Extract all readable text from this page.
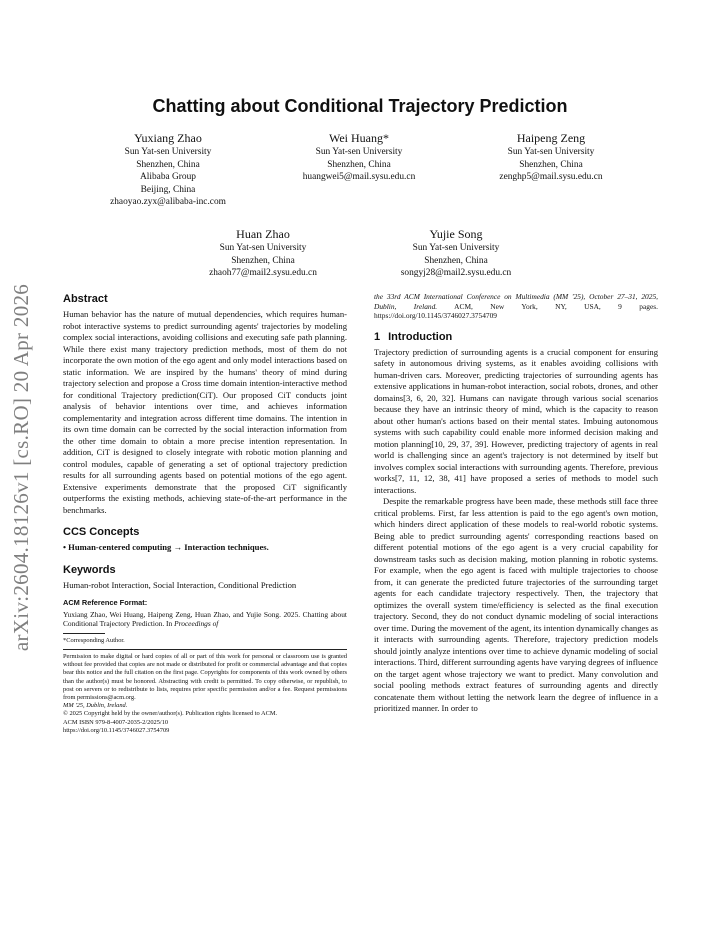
arXiv:2604.18126v1 [cs.RO] 20 Apr 2026
Chatting about Conditional Trajectory Prediction
Yuxiang Zhao
Sun Yat-sen University
Shenzhen, China
Alibaba Group
Beijing, China
zhaoyao.zyx@alibaba-inc.com
Wei Huang*
Sun Yat-sen University
Shenzhen, China
huangwei5@mail.sysu.edu.cn
Haipeng Zeng
Sun Yat-sen University
Shenzhen, China
zenghp5@mail.sysu.edu.cn
Huan Zhao
Sun Yat-sen University
Shenzhen, China
zhaoh77@mail2.sysu.edu.cn
Yujie Song
Sun Yat-sen University
Shenzhen, China
songyj28@mail2.sysu.edu.cn
Abstract

Human behavior has the nature of mutual dependencies, which requires human-robot interactive systems to predict surrounding agents' trajectories by modeling complex social interactions, avoiding collisions and executing safe path planning. While there exist many trajectory prediction methods, most of them do not incorporate the own motion of the ego agent and only model interactions based on static information. We are inspired by the humans' theory of mind during trajectory selection and propose a Cross time domain intention-interactive method for conditional Trajectory prediction(CiT). Our proposed CiT conducts joint analysis of behavior intentions over time, and achieves information complementarity and integration across different time domains. The intention in its own time domain can be corrected by the social interaction information from the other time domain to obtain a more precise intention representation. In addition, CiT is designed to closely integrate with robotic motion planning and control modules, capable of generating a set of optional trajectory prediction results for all surrounding agents based on potential motions of the ego agent. Extensive experiments demonstrate that the proposed CiT significantly outperforms the existing methods, achieving state-of-the-art performance in the benchmarks.

CCS Concepts

• Human-centered computing → Interaction techniques.

Keywords

Human-robot Interaction, Social Interaction, Conditional Prediction

ACM Reference Format:

Yuxiang Zhao, Wei Huang, Haipeng Zeng, Huan Zhao, and Yujie Song. 2025. Chatting about Conditional Trajectory Prediction. In Proceedings of

*Corresponding Author.

Permission to make digital or hard copies of all or part of this work for personal or classroom use is granted without fee provided that copies are not made or distributed for profit or commercial advantage and that copies bear this notice and the full citation on the first page. Copyrights for components of this work owned by others than the author(s) must be honored. Abstracting with credit is permitted. To copy otherwise, or republish, to post on servers or to redistribute to lists, requires prior specific permission and/or a fee. Request permissions from permissions@acm.org.

MM '25, Dublin, Ireland.

© 2025 Copyright held by the owner/author(s). Publication rights licensed to ACM.

ACM ISBN 979-8-4007-2035-2/2025/10

https://doi.org/10.1145/3746027.3754709

the 33rd ACM International Conference on Multimedia (MM '25), October 27–31, 2025, Dublin, Ireland. ACM, New York, NY, USA, 9 pages. https://doi.org/10.1145/3746027.3754709

1 Introduction

Trajectory prediction of surrounding agents is a crucial component for ensuring safety in autonomous driving systems, as it enables avoiding collisions with human-driven cars. Moreover, predicting trajectories of surrounding agents has extensive applications in human-robot interaction, social robots, drones, and other domains[3, 6, 20, 32]. Humans can navigate through various social scenarios because they have an intrinsic theory of mind, which is the capacity to reason about other human's actions based on their mental states. Imbuing autonomous systems with such capability could enable more informed decision making and motion planning[10, 29, 37, 39]. However, predicting trajectory of agents in real world is challenging since an agent's trajectory is not determined by itself but involves complex social interactions with surrounding agents. Therefore, previous works[7, 11, 12, 38, 41] have proposed a series of methods to model such interactions.

Despite the remarkable progress have been made, these methods still face three critical problems. First, far less attention is paid to the ego agent's own motion, which hinders direct application of these models to real-world robotic systems. Being able to predict surrounding agents' corresponding reactions based on different potential motions of the ego agent is a very crucial capability for downstream tasks such as decision making, motion planning in robotic systems. For example, when the ego agent is faced with multiple trajectories to choose from, it can generate the predicted future trajectories of the surrounding target agents for each candidate trajectory respectively. Then, the trajectory that optimizes the overall system time/efficiency is selected as the final execution trajectory. Second, they do not conduct dynamic modeling of social interactions over time. During the movement of the agent, its intention dynamically changes as it interacts with surrounding agents. Therefore, trajectory prediction models should jointly analyze intentions over time to achieve dynamic modeling of social interactions. Third, different surrounding agents have varying degrees of influence on the target agent whose trajectory we want to predict. Many convolution and social pooling methods extract features of surrounding agents and directly concatenate them without letting the network learn the degree of influence in a prioritized manner. In order to
